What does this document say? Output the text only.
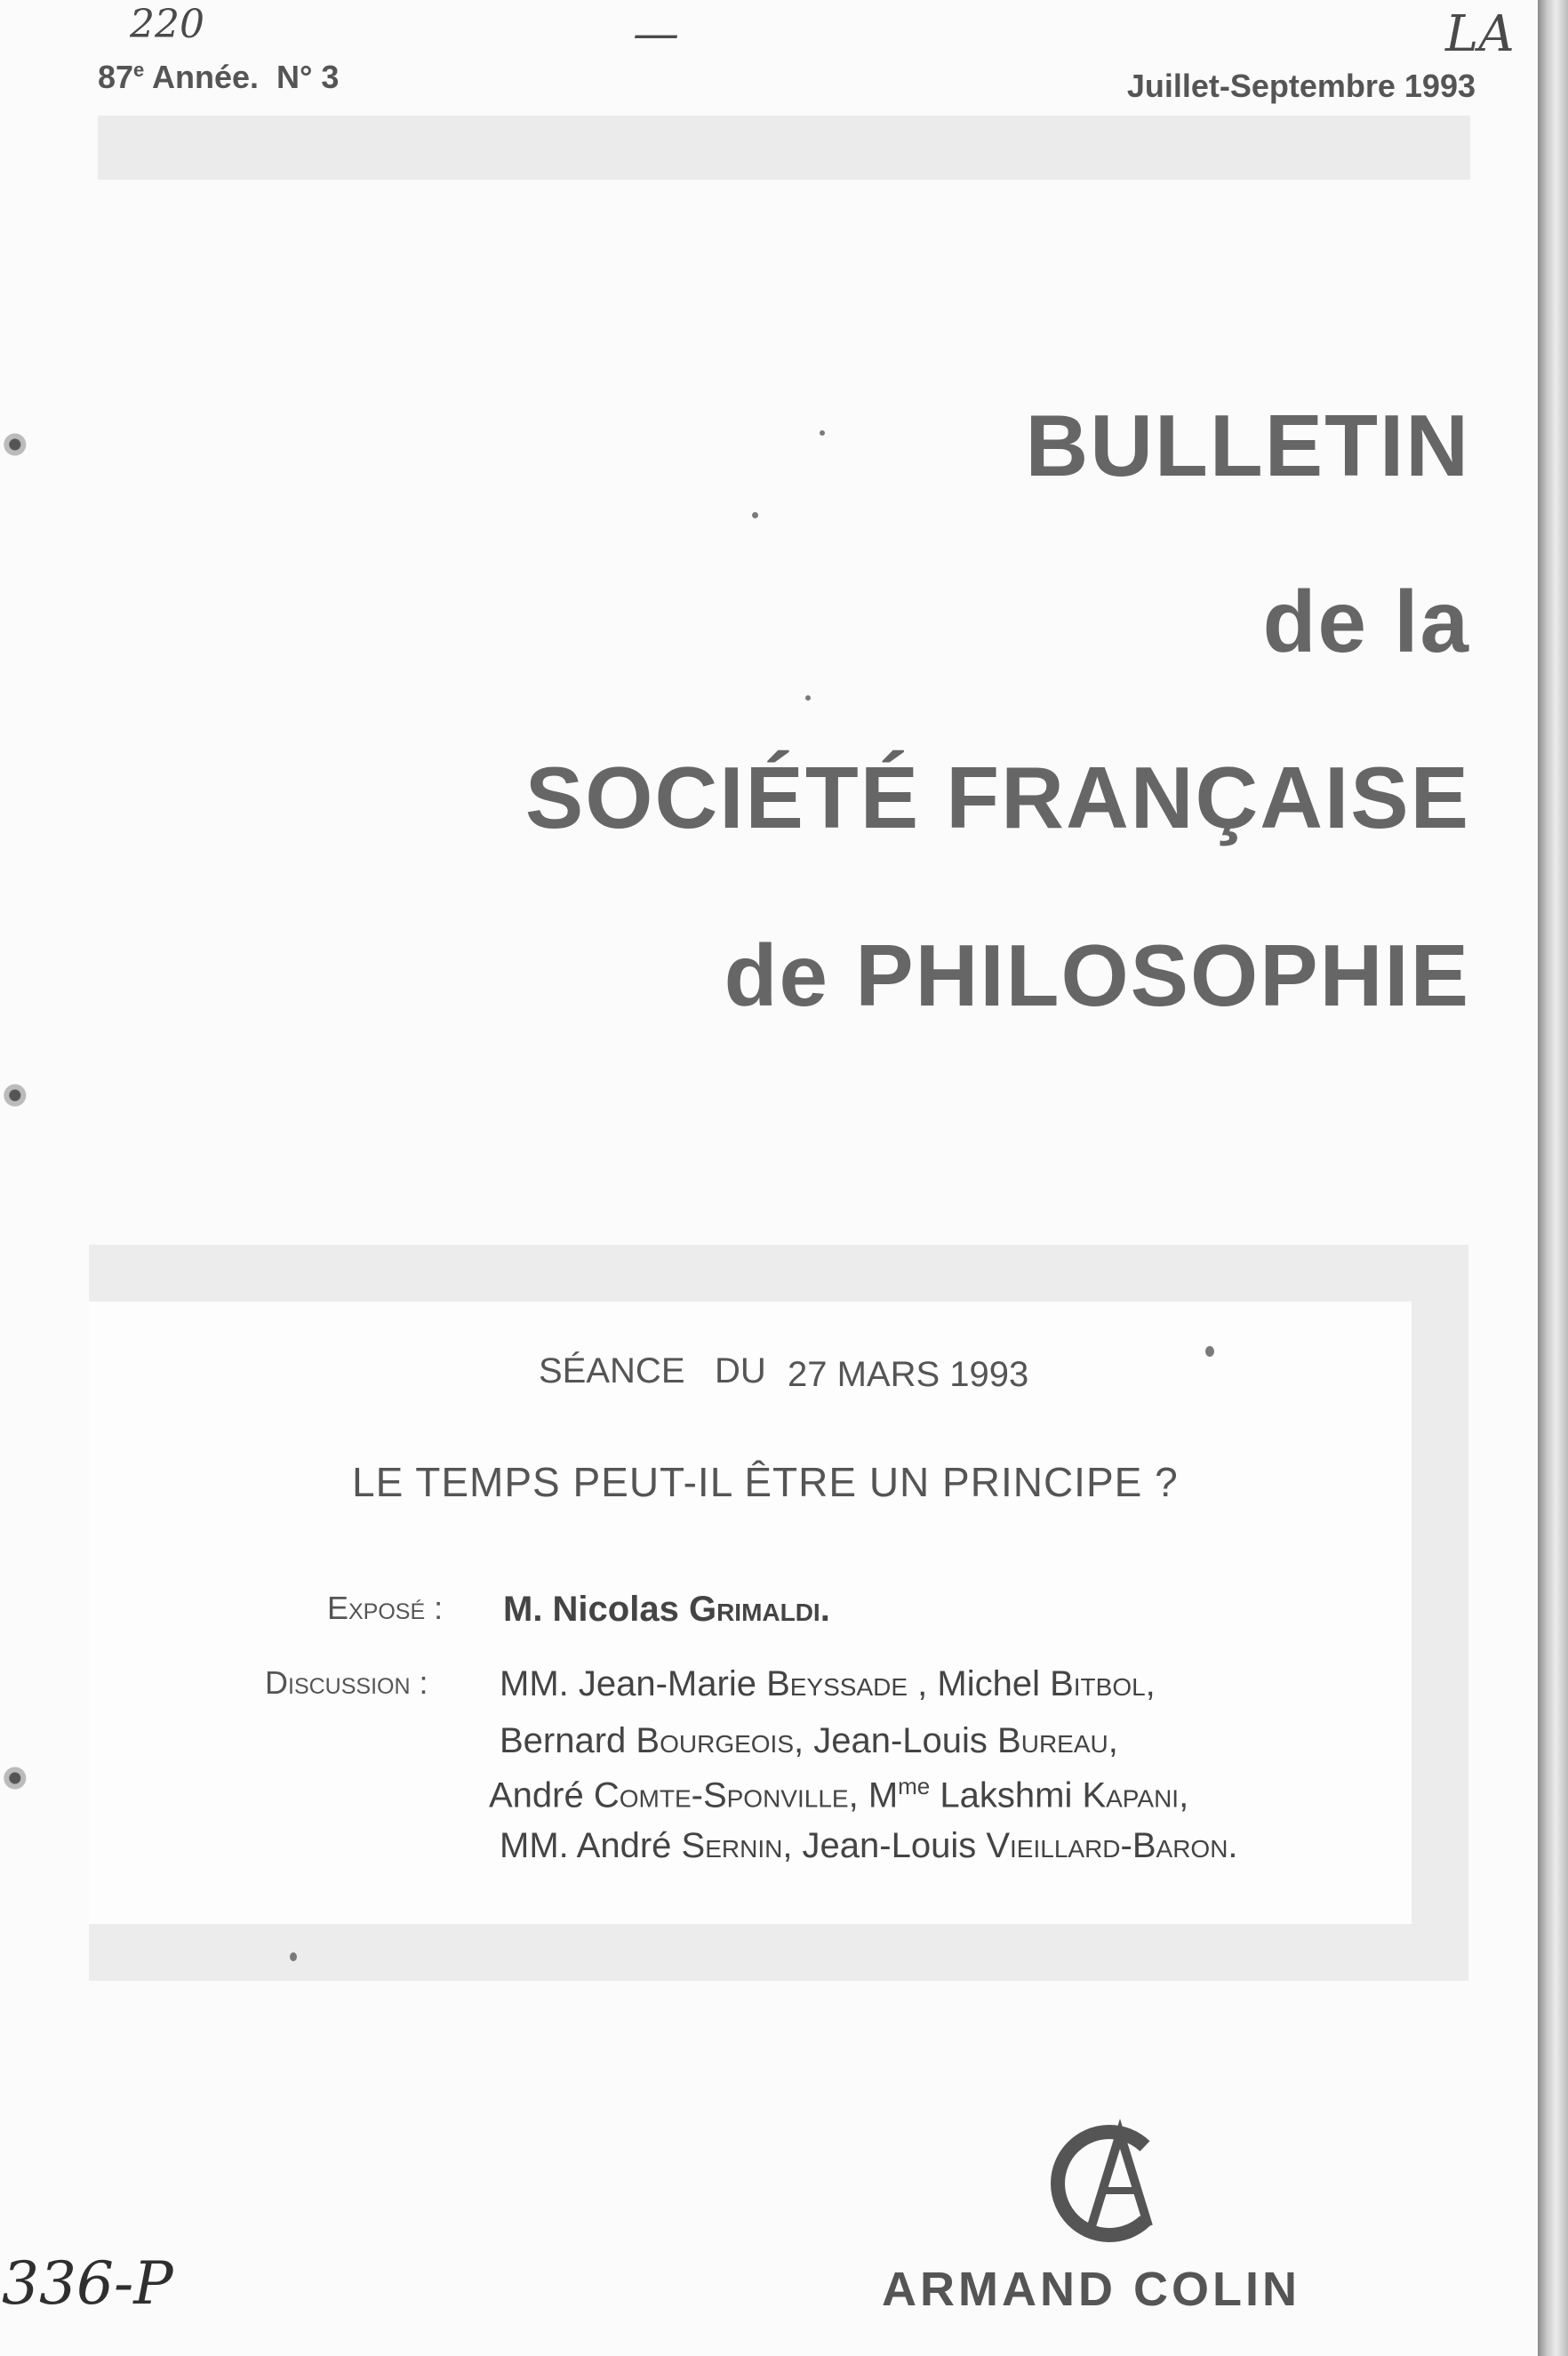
220	—	LA
87e Année. N° 3	Juillet-Septembre 1993
BULLETIN
de la
SOCIÉTÉ FRANÇAISE
de PHILOSOPHIE
SÉANCE DU 27 MARS 1993
LE TEMPS PEUT-IL ÊTRE UN PRINCIPE ?
Exposé : M. Nicolas Grimaldi.
Discussion : MM. Jean-Marie Beyssade , Michel Bitbol,
Bernard Bourgeois, Jean-Louis Bureau,
André Comte-Sponville, $M^{me}$ Lakshmi Kapani,
MM. André Sernin, Jean-Louis Vieillard-Baron.
ARMAND COLIN
336-P
